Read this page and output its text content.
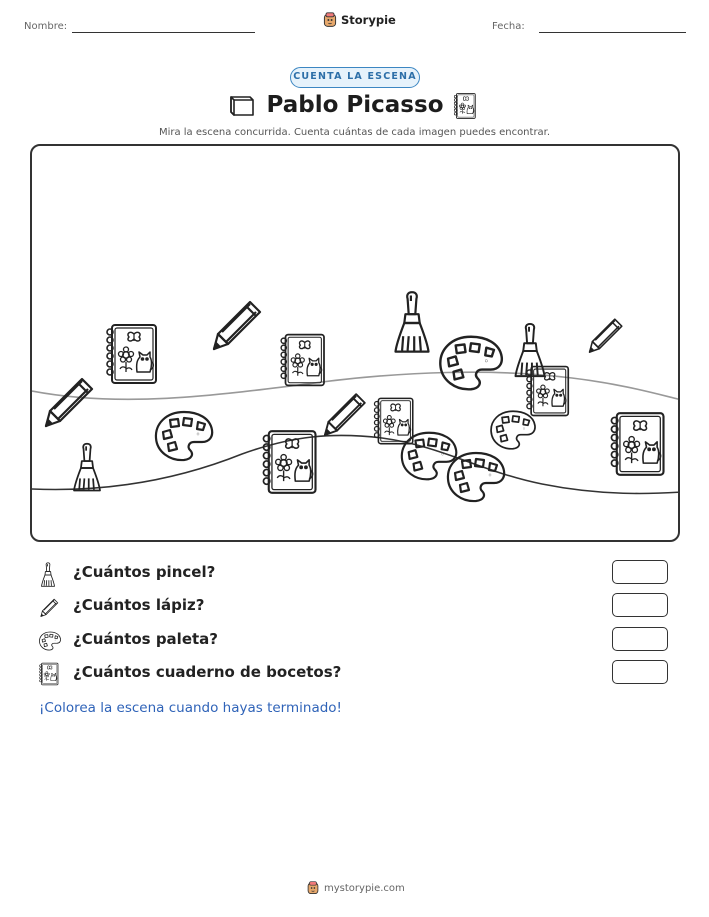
Nombre:	Storypie	Fecha:
CUENTA LA ESCENA
Pablo Picasso

Mira la escena concurrida. Cuenta cuántas de cada imagen puedes encontrar.

¿Cuántos pincel?
¿Cuántos lápiz?
¿Cuántos paleta?
¿Cuántos cuaderno de bocetos?

¡Colorea la escena cuando hayas terminado!

mystorypie.com
